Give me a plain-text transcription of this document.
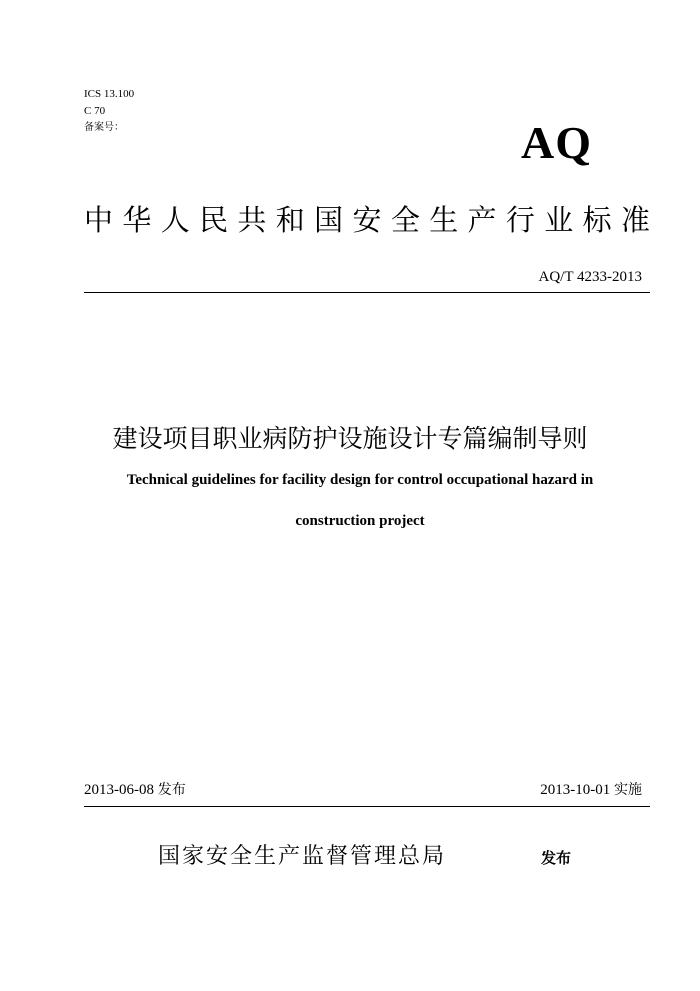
ICS 13.100
C 70
备案号：	AQ
中华人民共和国安全生产行业标准
AQ/T 4233-2013
建设项目职业病防护设施设计专篇编制导则
Technical guidelines for facility design for control occupational hazard in
construction project
2013-06-08 发布	2013-10-01 实施
国家安全生产监督管理总局	发布
